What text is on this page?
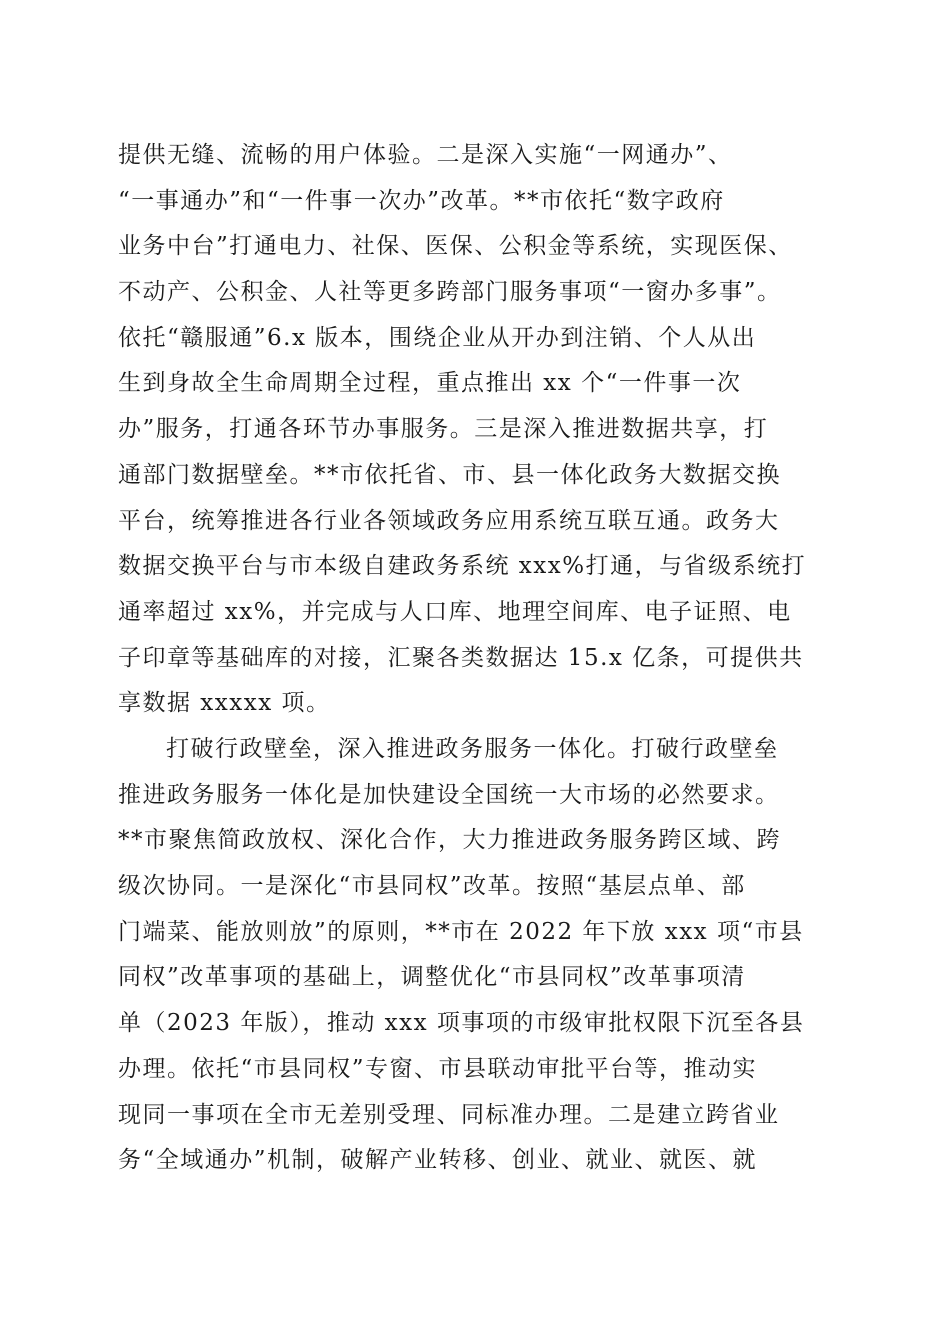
提供无缝、流畅的用户体验。二是深入实施“一网通办”、
“一事通办”和“一件事一次办”改革。**市依托“数字政府
业务中台”打通电力、社保、医保、公积金等系统，实现医保、
不动产、公积金、人社等更多跨部门服务事项“一窗办多事”。
依托“赣服通”6.x 版本，围绕企业从开办到注销、个人从出
生到身故全生命周期全过程，重点推出 xx 个“一件事一次
办”服务，打通各环节办事服务。三是深入推进数据共享，打
通部门数据壁垒。**市依托省、市、县一体化政务大数据交换
平台，统筹推进各行业各领域政务应用系统互联互通。政务大
数据交换平台与市本级自建政务系统 xxx%打通，与省级系统打
通率超过 xx%，并完成与人口库、地理空间库、电子证照、电
子印章等基础库的对接，汇聚各类数据达 15.x 亿条，可提供共
享数据 xxxxx 项。
打破行政壁垒，深入推进政务服务一体化。打破行政壁垒
推进政务服务一体化是加快建设全国统一大市场的必然要求。
**市聚焦简政放权、深化合作，大力推进政务服务跨区域、跨
级次协同。一是深化“市县同权”改革。按照“基层点单、部
门端菜、能放则放”的原则，**市在 2022 年下放 xxx 项“市县
同权”改革事项的基础上，调整优化“市县同权”改革事项清
单（2023 年版），推动 xxx 项事项的市级审批权限下沉至各县
办理。依托“市县同权”专窗、市县联动审批平台等，推动实
现同一事项在全市无差别受理、同标准办理。二是建立跨省业
务“全域通办”机制，破解产业转移、创业、就业、就医、就
